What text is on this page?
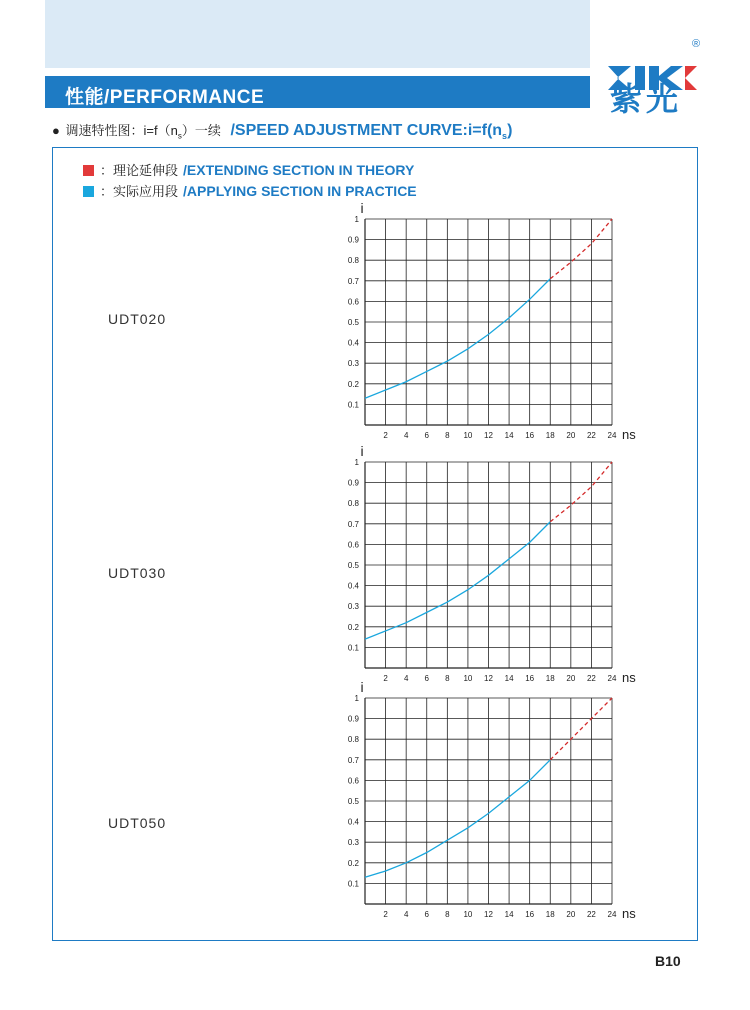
性能/PERFORMANCE
®
紫光
● 调速特性图：$i=f(n_s)$一续 /SPEED ADJUSTMENT $CURVE:i=f(n_s)$
：理论延伸段 /EXTENDING SECTION IN THEORY
：实际应用段 /APPLYING SECTION IN PRACTICE
UDT020
UDT030
UDT050
0.1
0.2
0.3
0.4
0.5
0.6
0.7
0.8
0.9
1
2 4 6 8 10 12 14 16 18 20 22 24
i
ns
0.1
0.2
0.3
0.4
0.5
0.6
0.7
0.8
0.9
1
2 4 6 8 10 12 14 16 18 20 22 24
i
ns
0.1
0.2
0.3
0.4
0.5
0.6
0.7
0.8
0.9
1
2 4 6 8 10 12 14 16 18 20 22 24
i
ns
B10
